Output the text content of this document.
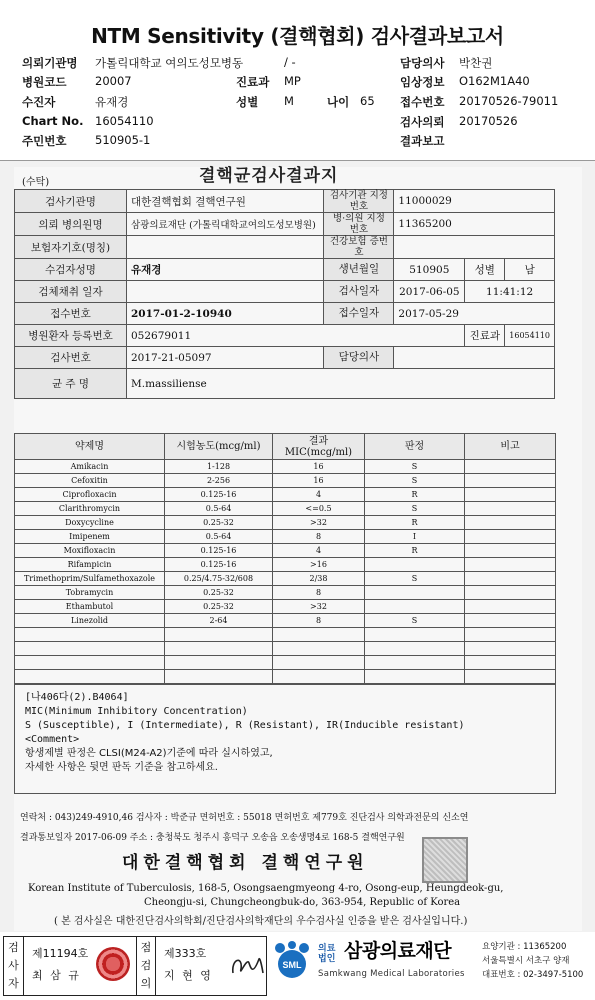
NTM Sensitivity (결핵협회) 검사결과보고서
의뢰기관명 가톨릭대학교 여의도성모병동	/ -	담당의사 박찬권
병원코드 20007	진료과 MP	임상정보 O162M1A40
수진자	유재경	성별 M	나이 65 접수번호 20170526-79011
Chart No. 16054110	검사의뢰 20170526
주민번호 510905-1	결과보고
결핵균검사결과지
(수탁)
검사기관명	대한결핵협회 결핵연구원	검사기관 지정번호	11000029		
의뢰 병의원명	삼광의료재단 (가톨릭대학교여의도성모병원)	병·의원 지정번호	11365200		
보험자기호(명칭)		건강보험 증번호			
수검자성명	유재경	생년월일	510905	성별	남
검체채취 일자		검사일자	2017-06-05	11:41:12	
접수번호	2017-01-2-10940	접수일자	2017-05-29		
병원환자 등록번호	052679011			진료과	16054110
검사번호	2017-21-05097	담당의사			
균 주 명	M.massiliense				
약제명	시험농도(mcg/ml)	결과 MIC(mcg/ml)	판정	비고
Amikacin	1-128	16	S	
Cefoxitin	2-256	16	S	
Ciprofloxacin	0.125-16	4	R	
Clarithromycin	0.5-64	<=0.5	S	
Doxycycline	0.25-32	>32	R	
Imipenem	0.5-64	8	I	
Moxifloxacin	0.125-16	4	R	
Rifampicin	0.125-16	>16		
Trimethoprim/Sulfamethoxazole	0.25/4.75-32/608	2/38	S	
Tobramycin	0.25-32	8		
Ethambutol	0.25-32	>32		
Linezolid	2-64	8	S	

[나406다(2).B4064]
MIC(Minimum Inhibitory Concentration)
S (Susceptible), I (Intermediate), R (Resistant), IR(Inducible resistant)
<Comment>
항생제별 판정은 CLSI(M24-A2)기준에 따라 실시하였고,
자세한 사항은 뒷면 판독 기준을 참고하세요.
연락처 : 043)249-4910,46 검사자 : 박준규 면허번호 : 55018 면허번호 제779호 진단검사 의학과전문의 신소연
결과통보일자 2017-06-09 주소 : 충청북도 청주시 흥덕구 오송읍 오송생명4로 168-5 결핵연구원
대한결핵협회 결핵연구원
Korean Institute of Tuberculosis, 168-5, Osongsaengmyeong 4-ro, Osong-eup, Heungdeok-gu,
Cheongju-si, Chungcheongbuk-do, 363-954, Republic of Korea
( 본 검사실은 대한진단검사의학회/진단검사의학재단의 우수검사실 인증을 받은 검사실입니다.)
검사자
제11194호
최 삼 규
점검의
제333호
지 현 영
SML
의료법인 삼광의료재단
Samkwang Medical Laboratories
요양기관 : 11365200
서울특별시 서초구 양재
대표번호 : 02-3497-5100
